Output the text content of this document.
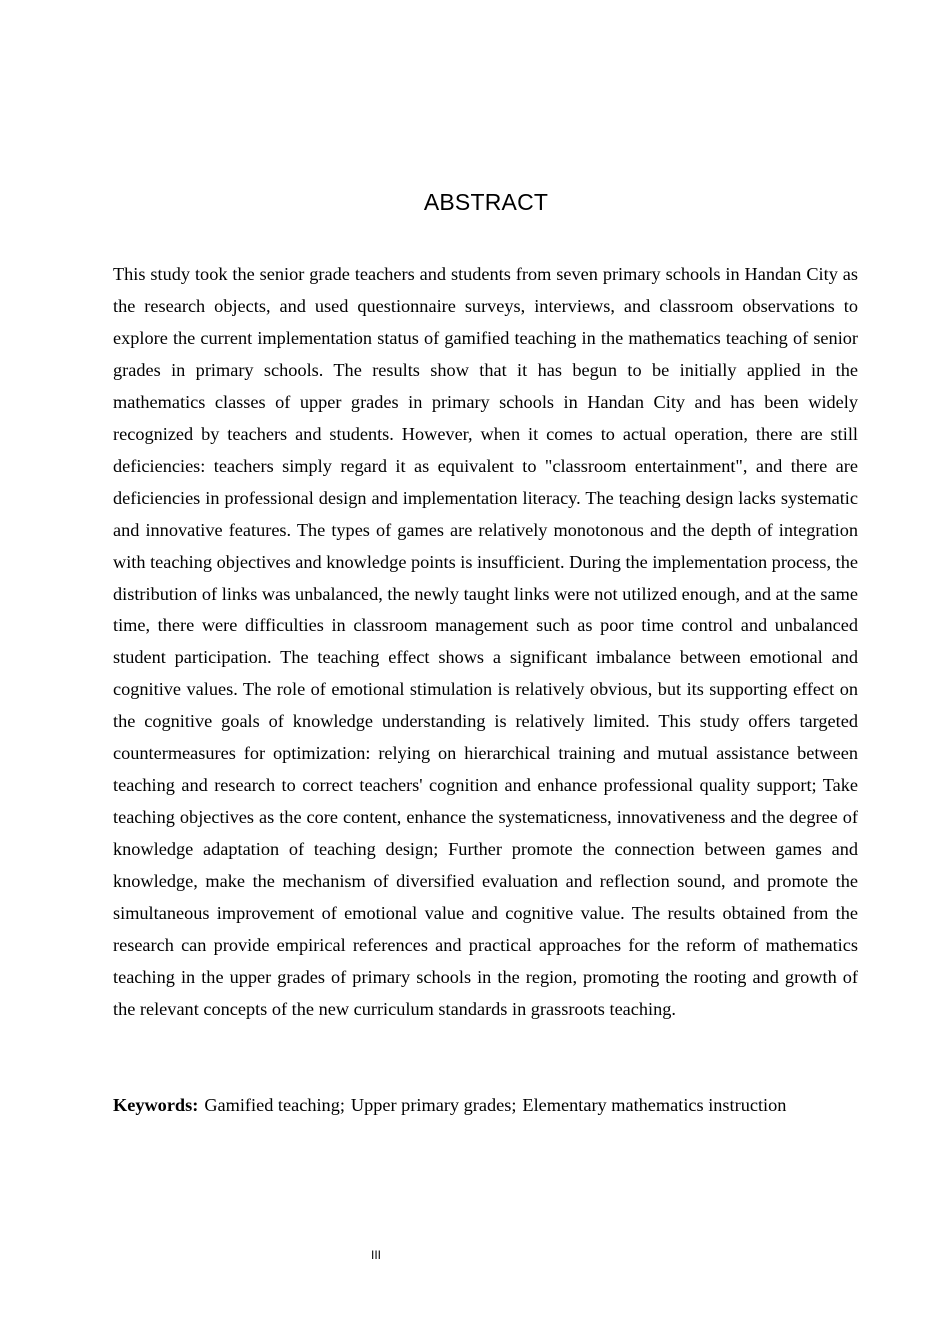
ABSTRACT

This study took the senior grade teachers and students from seven primary schools in Handan City as the research objects, and used questionnaire surveys, interviews, and classroom observations to explore the current implementation status of gamified teaching in the mathematics teaching of senior grades in primary schools. The results show that it has begun to be initially applied in the mathematics classes of upper grades in primary schools in Handan City and has been widely recognized by teachers and students. However, when it comes to actual operation, there are still deficiencies: teachers simply regard it as equivalent to "classroom entertainment", and there are deficiencies in professional design and implementation literacy. The teaching design lacks systematic and innovative features. The types of games are relatively monotonous and the depth of integration with teaching objectives and knowledge points is insufficient. During the implementation process, the distribution of links was unbalanced, the newly taught links were not utilized enough, and at the same time, there were difficulties in classroom management such as poor time control and unbalanced student participation. The teaching effect shows a significant imbalance between emotional and cognitive values. The role of emotional stimulation is relatively obvious, but its supporting effect on the cognitive goals of knowledge understanding is relatively limited. This study offers targeted countermeasures for optimization: relying on hierarchical training and mutual assistance between teaching and research to correct teachers' cognition and enhance professional quality support; Take teaching objectives as the core content, enhance the systematicness, innovativeness and the degree of knowledge adaptation of teaching design; Further promote the connection between games and knowledge, make the mechanism of diversified evaluation and reflection sound, and promote the simultaneous improvement of emotional value and cognitive value. The results obtained from the research can provide empirical references and practical approaches for the reform of mathematics teaching in the upper grades of primary schools in the region, promoting the rooting and growth of the relevant concepts of the new curriculum standards in grassroots teaching.

Keywords: Gamified teaching; Upper primary grades; Elementary mathematics instruction

III
